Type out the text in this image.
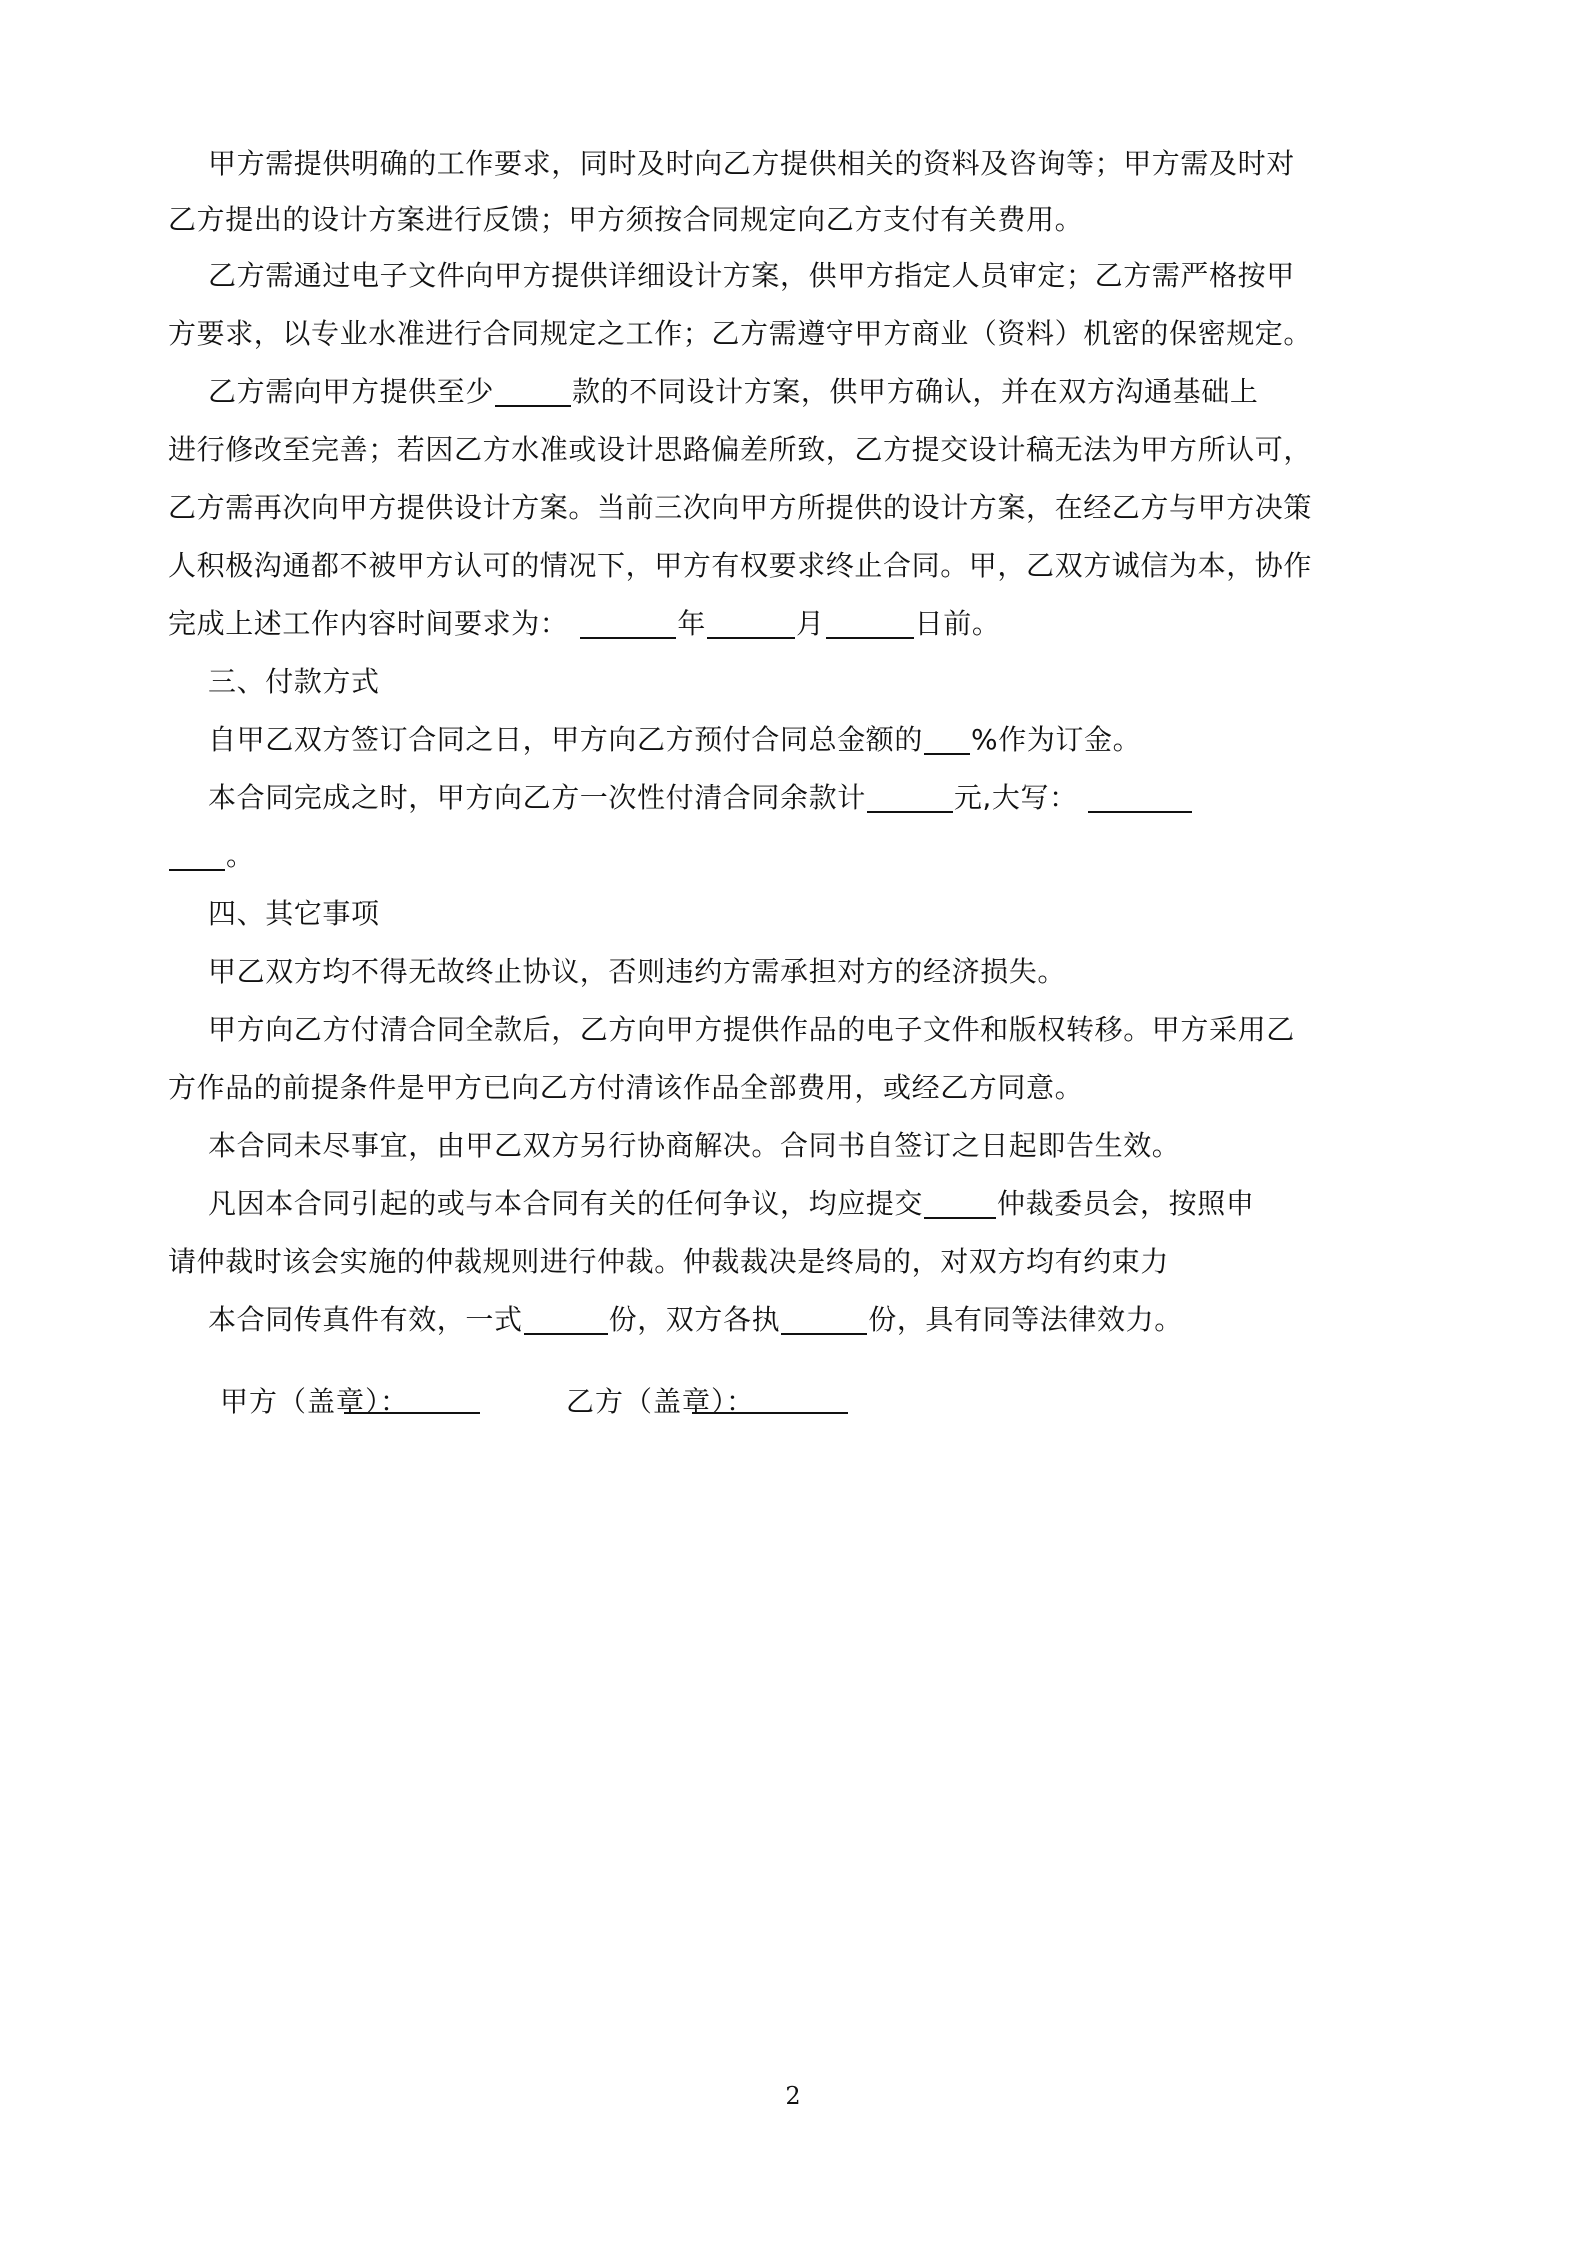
甲方需提供明确的工作要求，同时及时向乙方提供相关的资料及咨询等；甲方需及时对
乙方提出的设计方案进行反馈；甲方须按合同规定向乙方支付有关费用。
乙方需通过电子文件向甲方提供详细设计方案，供甲方指定人员审定；乙方需严格按甲
方要求，以专业水准进行合同规定之工作；乙方需遵守甲方商业（资料）机密的保密规定。
乙方需向甲方提供至少	款的不同设计方案，供甲方确认，并在双方沟通基础上
进行修改至完善；若因乙方水准或设计思路偏差所致，乙方提交设计稿无法为甲方所认可，
乙方需再次向甲方提供设计方案。当前三次向甲方所提供的设计方案，在经乙方与甲方决策
人积极沟通都不被甲方认可的情况下，甲方有权要求终止合同。甲，乙双方诚信为本，协作
完成上述工作内容时间要求为：	年	月	日前。
三、付款方式
自甲乙双方签订合同之日，甲方向乙方预付合同总金额的 %作为订金。
本合同完成之时，甲方向乙方一次性付清合同余款计	元,大写：
。
四、其它事项
甲乙双方均不得无故终止协议，否则违约方需承担对方的经济损失。
甲方向乙方付清合同全款后，乙方向甲方提供作品的电子文件和版权转移。甲方采用乙
方作品的前提条件是甲方已向乙方付清该作品全部费用，或经乙方同意。
本合同未尽事宜，由甲乙双方另行协商解决。合同书自签订之日起即告生效。
凡因本合同引起的或与本合同有关的任何争议，均应提交	仲裁委员会，按照申
请仲裁时该会实施的仲裁规则进行仲裁。仲裁裁决是终局的，对双方均有约束力
本合同传真件有效，一式	份，双方各执	份，具有同等法律效力。
甲方（盖章）：	乙方（盖章）：
2
